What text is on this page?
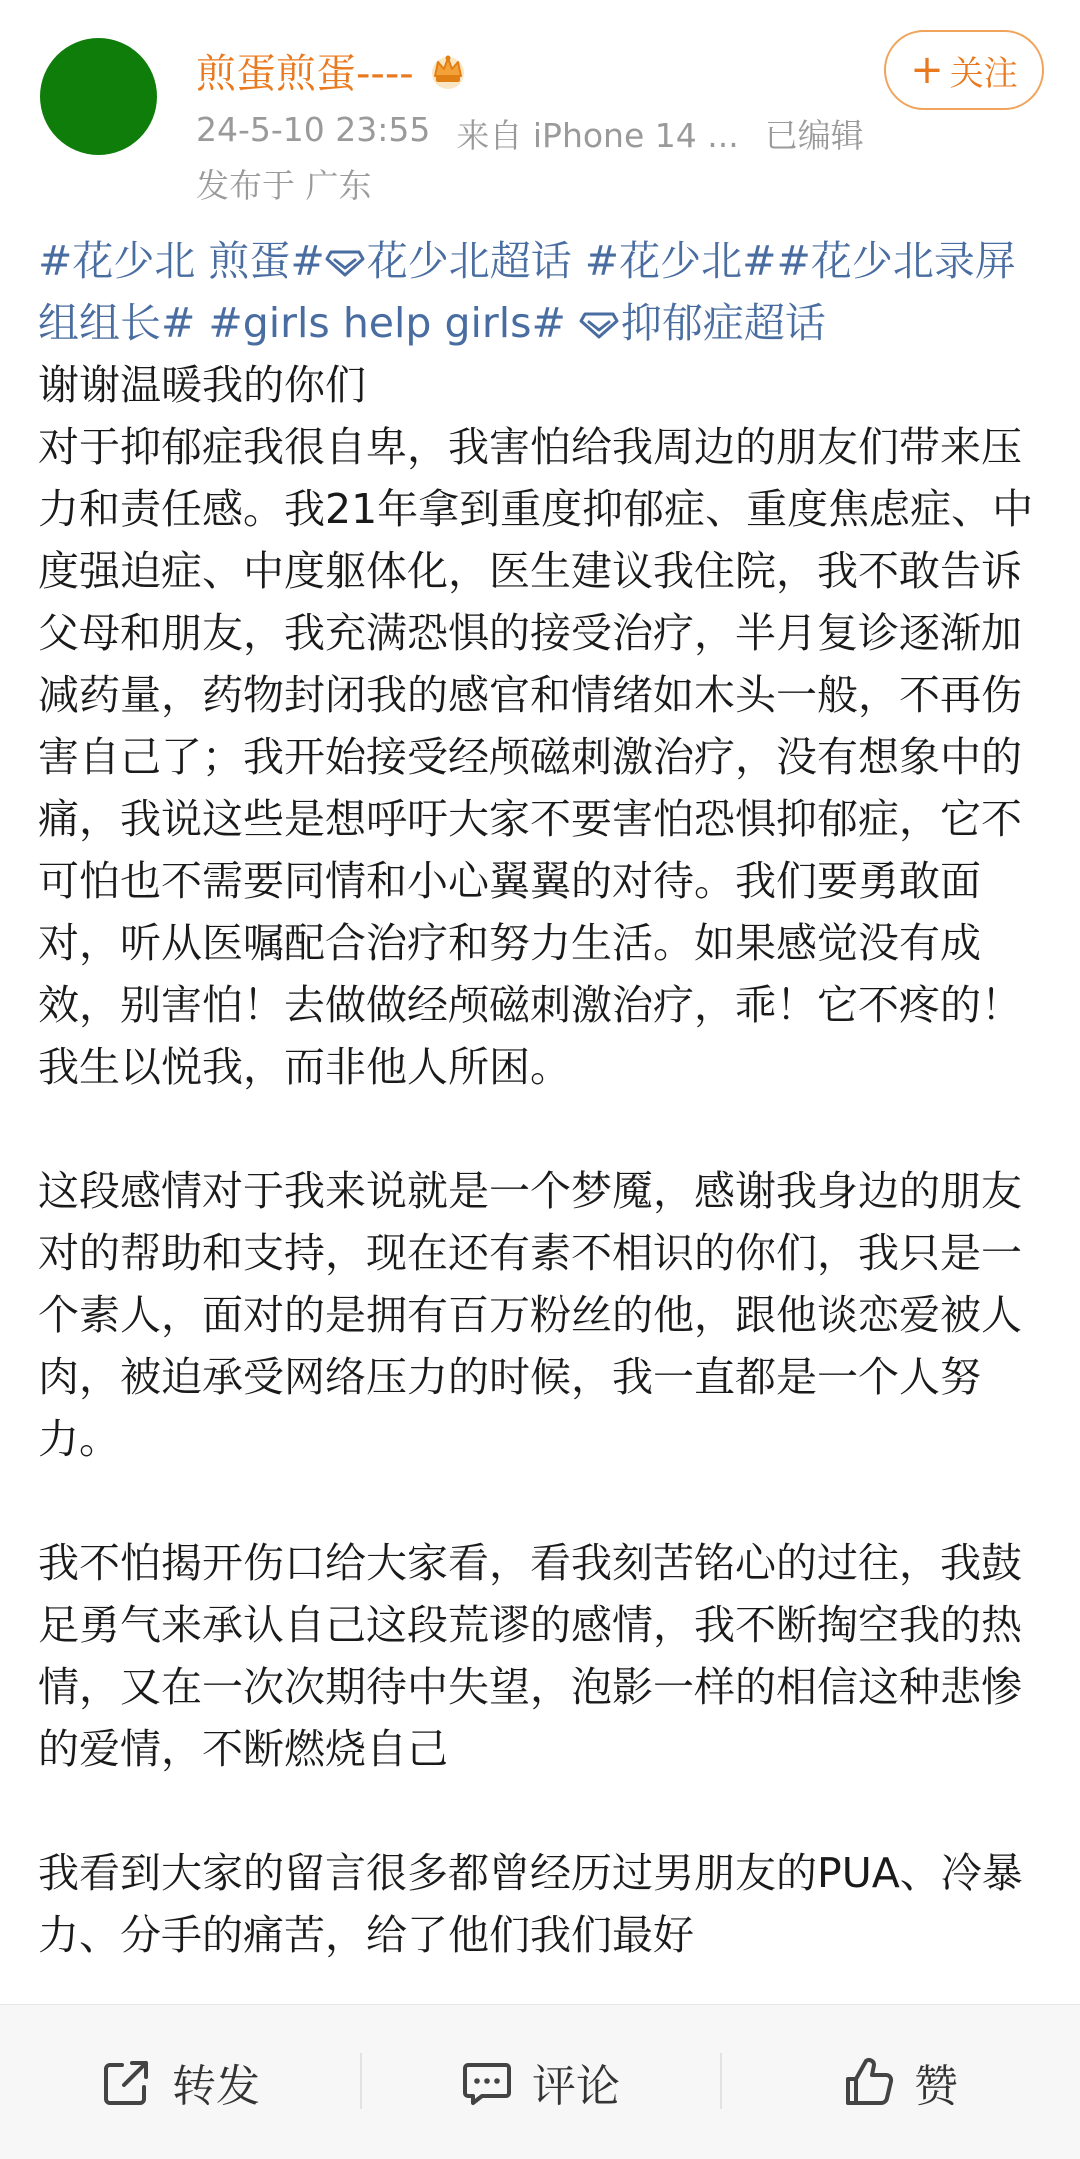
煎蛋煎蛋----
24-5-10 23:55 来自 iPhone 14 ... 已编辑
发布于 广东
+ 关注
#花少北 煎蛋# 花少北超话 #花少北##花少北录屏组组长# #girls help girls# 抑郁症超话
谢谢温暖我的你们
对于抑郁症我很自卑，我害怕给我周边的朋友们带来压力和责任感。我21年拿到重度抑郁症、重度焦虑症、中度强迫症、中度躯体化，医生建议我住院，我不敢告诉父母和朋友，我充满恐惧的接受治疗，半月复诊逐渐加减药量，药物封闭我的感官和情绪如木头一般，不再伤害自己了；我开始接受经颅磁刺激治疗，没有想象中的痛，我说这些是想呼吁大家不要害怕恐惧抑郁症，它不可怕也不需要同情和小心翼翼的对待。我们要勇敢面对，听从医嘱配合治疗和努力生活。如果感觉没有成效，别害怕！去做做经颅磁刺激治疗，乖！它不疼的！我生以悦我，而非他人所困。
这段感情对于我来说就是一个梦魇，感谢我身边的朋友对的帮助和支持，现在还有素不相识的你们，我只是一个素人，面对的是拥有百万粉丝的他，跟他谈恋爱被人肉，被迫承受网络压力的时候，我一直都是一个人努力。
我不怕揭开伤口给大家看，看我刻苦铭心的过往，我鼓足勇气来承认自己这段荒谬的感情，我不断掏空我的热情，又在一次次期待中失望，泡影一样的相信这种悲惨的爱情，不断燃烧自己
我看到大家的留言很多都曾经历过男朋友的PUA、冷暴力、分手的痛苦，给了他们我们最好
转发	评论	赞
